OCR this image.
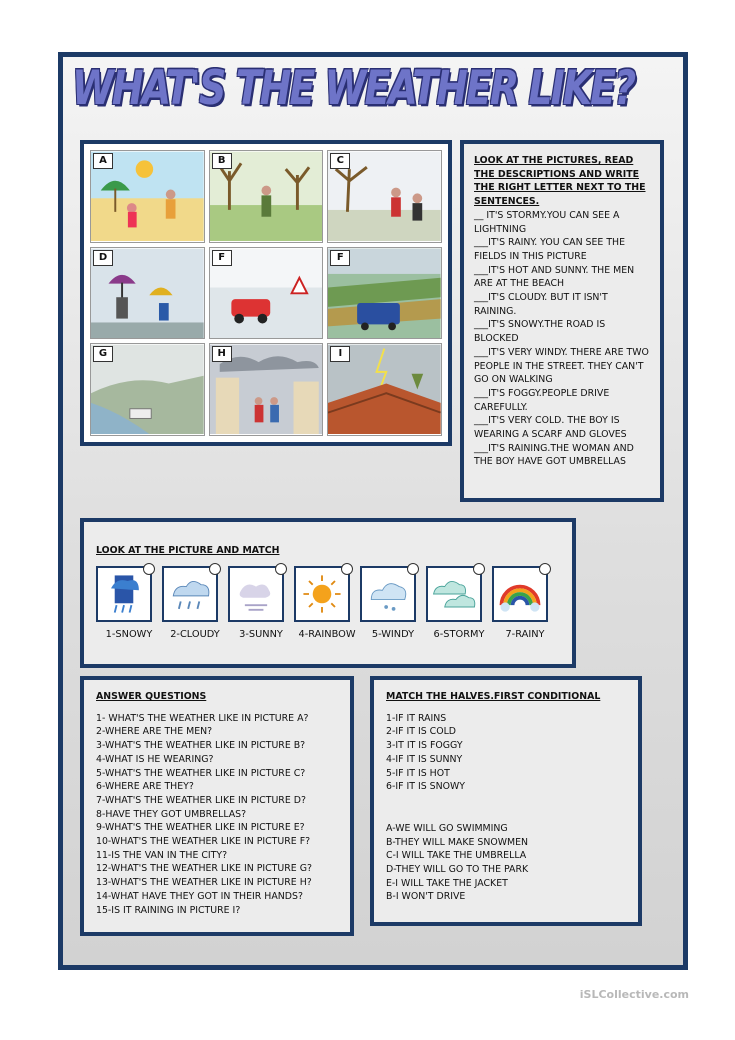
WHAT'S THE WEATHER LIKE?
A	B	C
D	F	F
G	H	I
LOOK AT THE PICTURES, READ THE DESCRIPTIONS AND WRITE THE RIGHT LETTER NEXT TO THE SENTENCES.
__ IT'S STORMY.YOU CAN SEE A LIGHTNING
___IT'S RAINY. YOU CAN SEE THE FIELDS IN THIS PICTURE
___IT'S HOT AND SUNNY. THE MEN ARE AT THE BEACH
___IT'S CLOUDY. BUT IT ISN'T RAINING.
___IT'S SNOWY.THE ROAD IS BLOCKED
___IT'S VERY WINDY. THERE ARE TWO PEOPLE IN THE STREET. THEY CAN'T GO ON WALKING
___IT'S FOGGY.PEOPLE DRIVE CAREFULLY.
___IT'S VERY COLD. THE BOY IS WEARING A SCARF AND GLOVES
___IT'S RAINING.THE WOMAN AND THE BOY HAVE GOT UMBRELLAS
LOOK AT THE PICTURE AND MATCH
1-SNOWY	2-CLOUDY	3-SUNNY	4-RAINBOW	5-WINDY	6-STORMY	7-RAINY
ANSWER QUESTIONS
1- WHAT'S THE WEATHER LIKE IN PICTURE A?
2-WHERE ARE THE MEN?
3-WHAT'S THE WEATHER LIKE IN PICTURE B?
4-WHAT IS HE WEARING?
5-WHAT'S THE WEATHER LIKE IN PICTURE C?
6-WHERE ARE THEY?
7-WHAT'S THE WEATHER LIKE IN PICTURE D?
8-HAVE THEY GOT UMBRELLAS?
9-WHAT'S THE WEATHER LIKE IN PICTURE E?
10-WHAT'S THE WEATHER LIKE IN PICTURE F?
11-IS THE VAN IN THE CITY?
12-WHAT'S THE WEATHER LIKE IN PICTURE G?
13-WHAT'S THE WEATHER LIKE IN PICTURE H?
14-WHAT HAVE THEY GOT IN THEIR HANDS?
15-IS IT RAINING IN PICTURE I?
MATCH THE HALVES.FIRST CONDITIONAL
1-IF IT RAINS
2-IF IT IS COLD
3-IT IT IS FOGGY
4-IF IT IS SUNNY
5-IF IT IS HOT
6-IF IT IS SNOWY
A-WE WILL GO SWIMMING
B-THEY WILL MAKE SNOWMEN
C-I WILL TAKE THE UMBRELLA
D-THEY WILL GO TO THE PARK
E-I WILL TAKE THE JACKET
B-I WON'T DRIVE
iSLCollective.com
